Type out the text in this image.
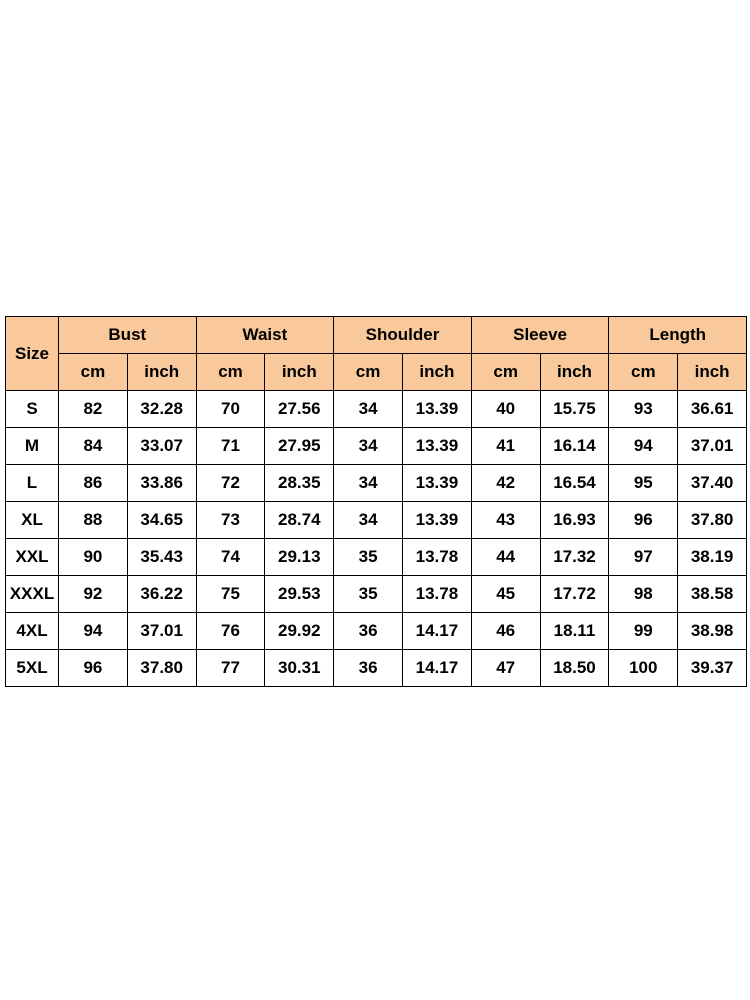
Size	Bust		Waist		Shoulder		Sleeve		Length	
	cm	inch	cm	inch	cm	inch	cm	inch	cm	inch
S	82	32.28	70	27.56	34	13.39	40	15.75	93	36.61
M	84	33.07	71	27.95	34	13.39	41	16.14	94	37.01
L	86	33.86	72	28.35	34	13.39	42	16.54	95	37.40
XL	88	34.65	73	28.74	34	13.39	43	16.93	96	37.80
XXL	90	35.43	74	29.13	35	13.78	44	17.32	97	38.19
XXXL	92	36.22	75	29.53	35	13.78	45	17.72	98	38.58
4XL	94	37.01	76	29.92	36	14.17	46	18.11	99	38.98
5XL	96	37.80	77	30.31	36	14.17	47	18.50	100	39.37
